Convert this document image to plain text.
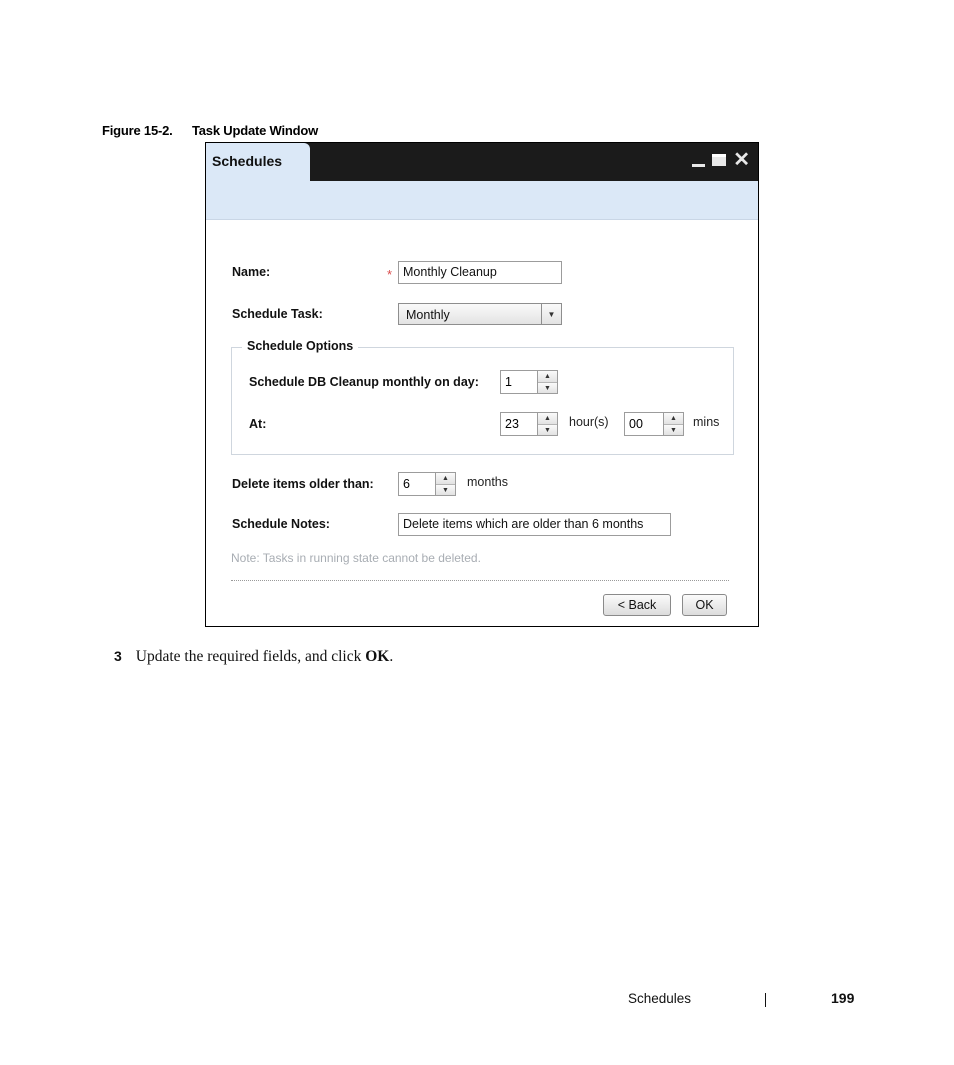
Figure 15-2. Task Update Window
Schedules	✕
Name:	* Monthly Cleanup
Schedule Task:	Monthly	▼
Schedule Options
Schedule DB Cleanup monthly on day: 1	▲
▼
At:	23	▲
▼
hour(s) 00	▲
▼
mins
Delete items older than: 6	▲
▼
months
Schedule Notes:	Delete items which are older than 6 months
Note: Tasks in running state cannot be deleted.
< Back	OK
3 Update the required fields, and click OK.
Schedules	199
